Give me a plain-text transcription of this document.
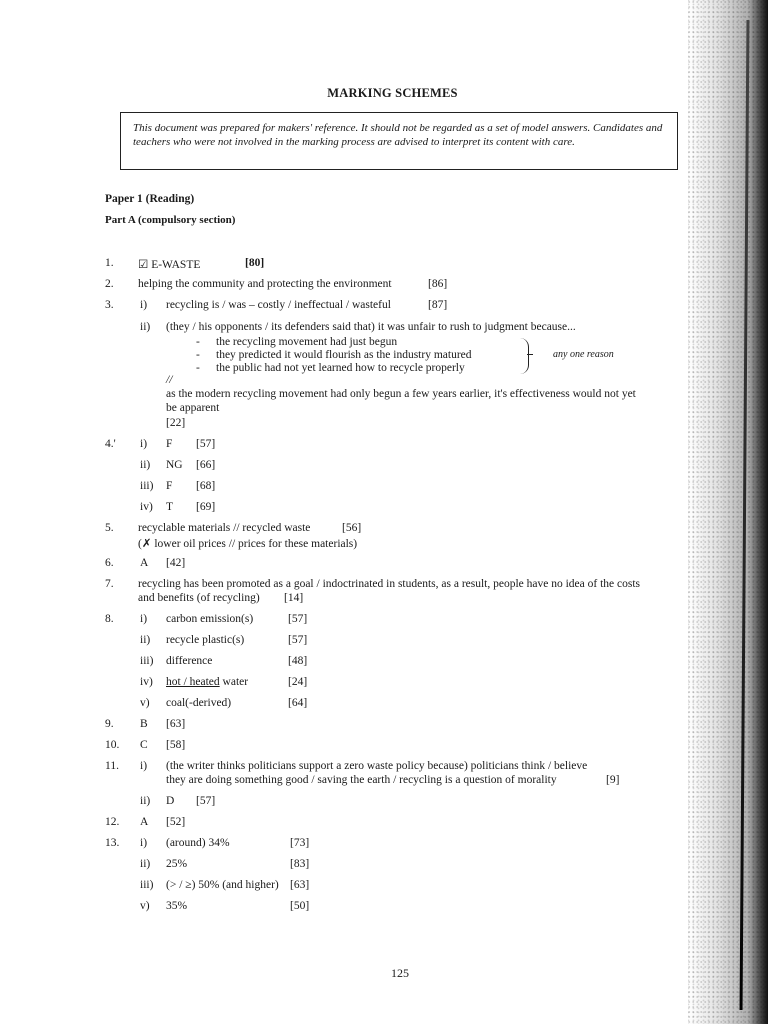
MARKING SCHEMES
This document was prepared for makers' reference. It should not be regarded as a set of model answers. Candidates and teachers who were not involved in the marking process are advised to interpret its content with care.
Paper 1 (Reading)
Part A (compulsory section)
1. ☑ E-WASTE	[80]
2. helping the community and protecting the environment	[86]
3. i) recycling is / was – costly / ineffectual / wasteful	[87]
ii) (they / his opponents / its defenders said that) it was unfair to rush to judgment because...
- the recycling movement had just begun
- they predicted it would flourish as the industry matured
- the public had not yet learned how to recycle properly
any one reason
//
as the modern recycling movement had only begun a few years earlier, it's effectiveness would not yet
be apparent
[22]
4.' i) F [57]
ii) NG [66]
iii) F [68]
iv) T [69]
5. recyclable materials // recycled waste	[56]
(✗ lower oil prices // prices for these materials)
6. A [42]
7. recycling has been promoted as a goal / indoctrinated in students, as a result, people have no idea of the costs
and benefits (of recycling) [14]
8. i) carbon emission(s)	[57]
ii) recycle plastic(s)	[57]
iii) difference	[48]
iv) hot / heated water	[24]
v) coal(-derived)	[64]
9. B [63]
10. C [58]
11. i) (the writer thinks politicians support a zero waste policy because) politicians think / believe
they are doing something good / saving the earth / recycling is a question of morality	[9]
ii) D [57]
12. A [52]
13. i) (around) 34%	[73]
ii) 25%	[83]
iii) (> / ≥) 50% (and higher) [63]
v) 35%	[50]
125
